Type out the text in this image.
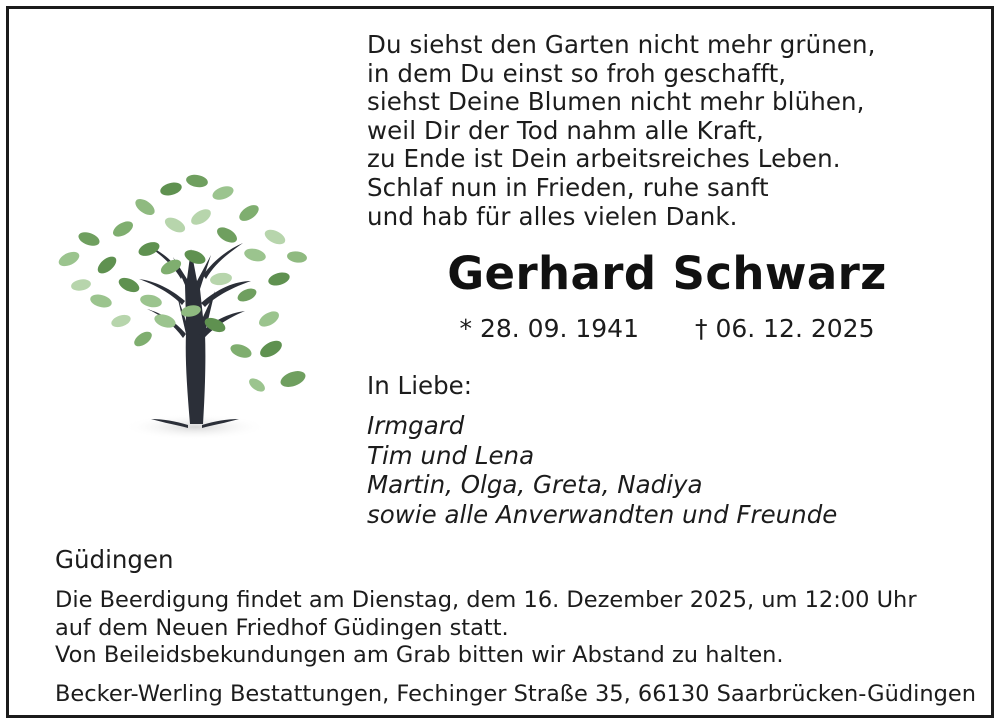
Du siehst den Garten nicht mehr grünen,
in dem Du einst so froh geschafft,
siehst Deine Blumen nicht mehr blühen,
weil Dir der Tod nahm alle Kraft,
zu Ende ist Dein arbeitsreiches Leben.
Schlaf nun in Frieden, ruhe sanft
und hab für alles vielen Dank.
Gerhard Schwarz
* 28. 09. 1941 † 06. 12. 2025
In Liebe:
Irmgard
Tim und Lena
Martin, Olga, Greta, Nadiya
sowie alle Anverwandten und Freunde
Güdingen
Die Beerdigung findet am Dienstag, dem 16. Dezember 2025, um 12:00 Uhr
auf dem Neuen Friedhof Güdingen statt.
Von Beileidsbekundungen am Grab bitten wir Abstand zu halten.
Becker-Werling Bestattungen, Fechinger Straße 35, 66130 Saarbrücken-Güdingen
